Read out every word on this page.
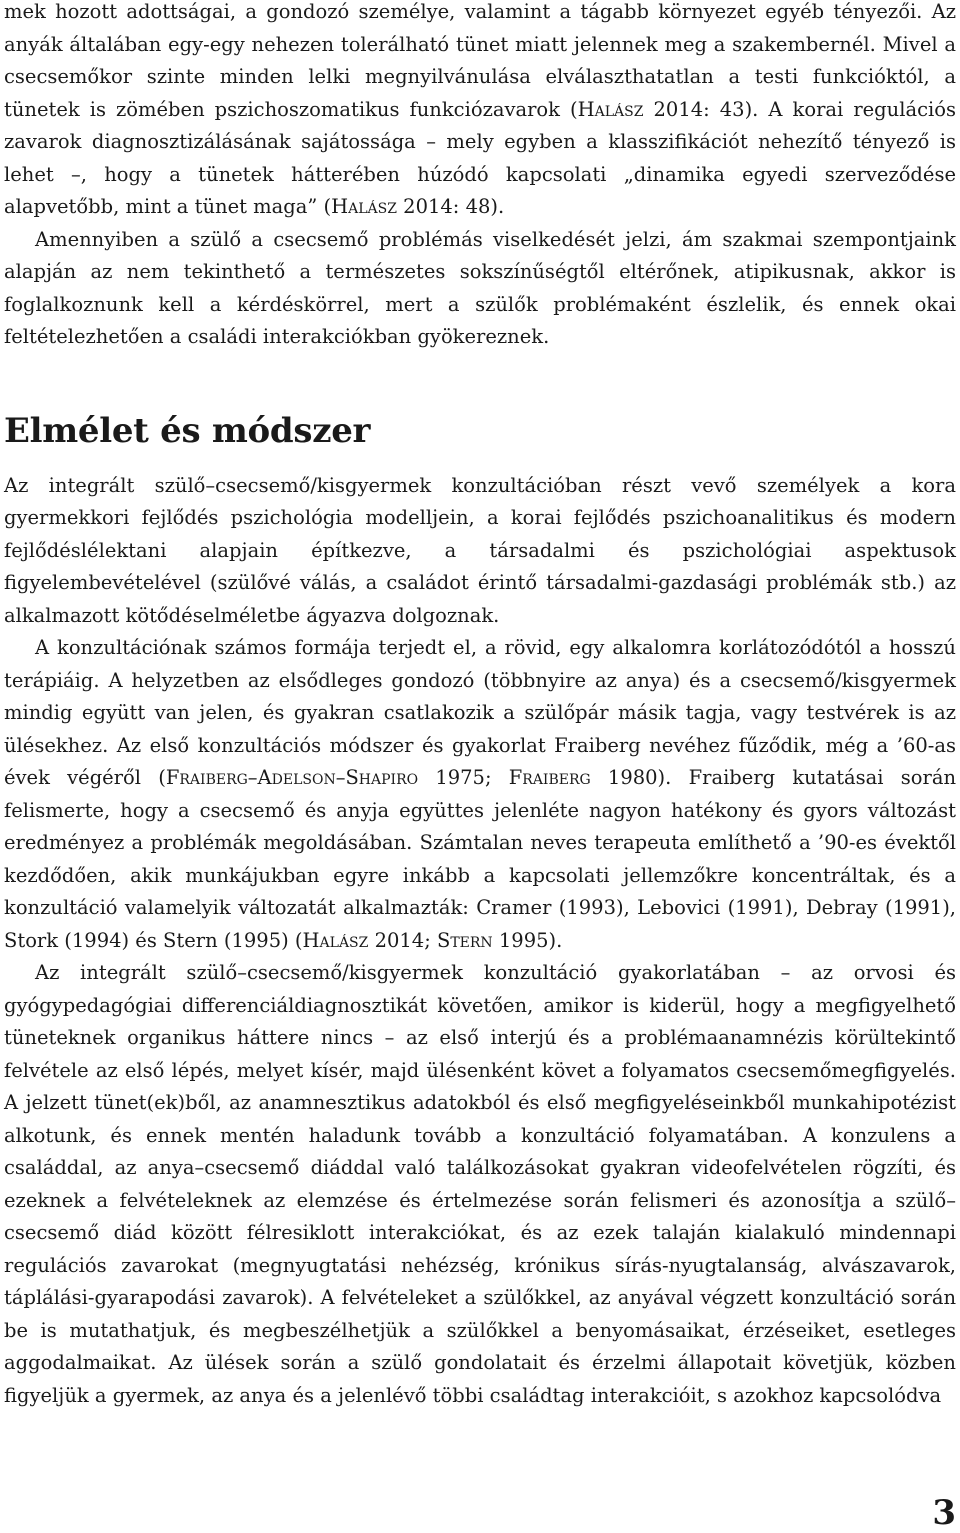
mek hozott adottságai, a gondozó személye, valamint a tágabb környezet egyéb tényezői. Az anyák általában egy-egy nehezen tolerálható tünet miatt jelennek meg a szakembernél. Mivel a csecsemőkor szinte minden lelki megnyilvánulása elválaszthatatlan a testi funkcióktól, a tünetek is zömében pszichoszomatikus funkciózavarok (Halász 2014: 43). A korai regulációs zavarok diagnosztizálásának sajátossága – mely egyben a klasszifikációt nehezítő tényező is lehet –, hogy a tünetek hátterében húzódó kapcsolati „dinamika egyedi szerveződése alapvetőbb, mint a tünet maga” (Halász 2014: 48).

Amennyiben a szülő a csecsemő problémás viselkedését jelzi, ám szakmai szempontjaink alapján az nem tekinthető a természetes sokszínűségtől eltérőnek, atipikusnak, akkor is foglalkoznunk kell a kérdéskörrel, mert a szülők problémaként észlelik, és ennek okai feltételezhetően a családi interakciókban gyökereznek.

Elmélet és módszer

Az integrált szülő–csecsemő/kisgyermek konzultációban részt vevő személyek a kora gyermekkori fejlődés pszichológia modelljein, a korai fejlődés pszichoanalitikus és modern fejlődéslélektani alapjain építkezve, a társadalmi és pszichológiai aspektusok figyelembevételével (szülővé válás, a családot érintő társadalmi-gazdasági problémák stb.) az alkalmazott kötődéselméletbe ágyazva dolgoznak.

A konzultációnak számos formája terjedt el, a rövid, egy alkalomra korlátozódótól a hosszú terápiáig. A helyzetben az elsődleges gondozó (többnyire az anya) és a csecsemő/kisgyermek mindig együtt van jelen, és gyakran csatlakozik a szülőpár másik tagja, vagy testvérek is az ülésekhez. Az első konzultációs módszer és gyakorlat Fraiberg nevéhez fűződik, még a ’60-as évek végéről (Fraiberg–Adelson–Shapiro 1975; Fraiberg 1980). Fraiberg kutatásai során felismerte, hogy a csecsemő és anyja együttes jelenléte nagyon hatékony és gyors változást eredményez a problémák megoldásában. Számtalan neves terapeuta említhető a ’90-es évektől kezdődően, akik munkájukban egyre inkább a kapcsolati jellemzőkre koncentráltak, és a konzultáció valamelyik változatát alkalmazták: Cramer (1993), Lebovici (1991), Debray (1991), Stork (1994) és Stern (1995) (Halász 2014; Stern 1995).

Az integrált szülő–csecsemő/kisgyermek konzultáció gyakorlatában – az orvosi és gyógypedagógiai differenciáldiagnosztikát követően, amikor is kiderül, hogy a megfigyelhető tüneteknek organikus háttere nincs – az első interjú és a problémaanamnézis körültekintő felvétele az első lépés, melyet kísér, majd ülésenként követ a folyamatos csecsemőmegfigyelés. A jelzett tünet(ek)ből, az anamnesztikus adatokból és első megfigyeléseinkből munkahipotézist alkotunk, és ennek mentén haladunk tovább a konzultáció folyamatában. A konzulens a családdal, az anya–csecsemő diáddal való találkozásokat gyakran videofelvételen rögzíti, és ezeknek a felvételeknek az elemzése és értelmezése során felismeri és azonosítja a szülő–csecsemő diád között félresiklott interakciókat, és az ezek talaján kialakuló mindennapi regulációs zavarokat (megnyugtatási nehézség, krónikus sírás-nyugtalanság, alvászavarok, táplálási-gyarapodási zavarok). A felvételeket a szülőkkel, az anyával végzett konzultáció során be is mutathatjuk, és megbeszélhetjük a szülőkkel a benyomásaikat, érzéseiket, esetleges aggodalmaikat. Az ülések során a szülő gondolatait és érzelmi állapotait követjük, közben figyeljük a gyermek, az anya és a jelenlévő többi családtag interakcióit, s azokhoz kapcsolódva

3
